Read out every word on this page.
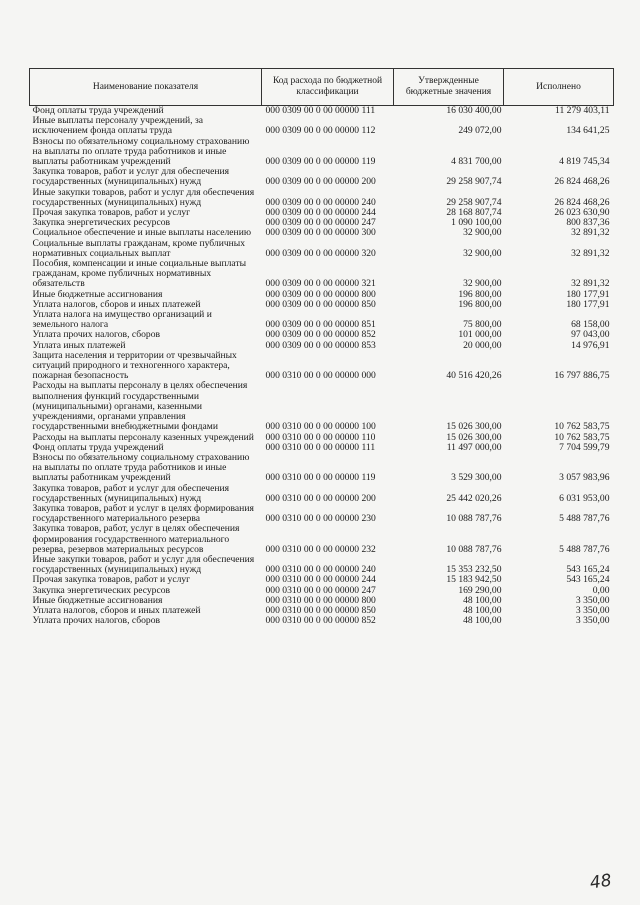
Наименование показателя	Код расхода по бюджетной классификации	Утвержденные бюджетные значения	Исполнено
Фонд оплаты труда учреждений	000 0309 00 0 00 00000 111	16 030 400,00	11 279 403,11
Иные выплаты персоналу учреждений, за исключением фонда оплаты труда	000 0309 00 0 00 00000 112	249 072,00	134 641,25
Взносы по обязательному социальному страхованию на выплаты по оплате труда работников и иные выплаты работникам учреждений	000 0309 00 0 00 00000 119	4 831 700,00	4 819 745,34
Закупка товаров, работ и услуг для обеспечения государственных (муниципальных) нужд	000 0309 00 0 00 00000 200	29 258 907,74	26 824 468,26
Иные закупки товаров, работ и услуг для обеспечения государственных (муниципальных) нужд	000 0309 00 0 00 00000 240	29 258 907,74	26 824 468,26
Прочая закупка товаров, работ и услуг	000 0309 00 0 00 00000 244	28 168 807,74	26 023 630,90
Закупка энергетических ресурсов	000 0309 00 0 00 00000 247	1 090 100,00	800 837,36
Социальное обеспечение и иные выплаты населению	000 0309 00 0 00 00000 300	32 900,00	32 891,32
Социальные выплаты гражданам, кроме публичных нормативных социальных выплат	000 0309 00 0 00 00000 320	32 900,00	32 891,32
Пособия, компенсации и иные социальные выплаты гражданам, кроме публичных нормативных обязательств	000 0309 00 0 00 00000 321	32 900,00	32 891,32
Иные бюджетные ассигнования	000 0309 00 0 00 00000 800	196 800,00	180 177,91
Уплата налогов, сборов и иных платежей	000 0309 00 0 00 00000 850	196 800,00	180 177,91
Уплата налога на имущество организаций и земельного налога	000 0309 00 0 00 00000 851	75 800,00	68 158,00
Уплата прочих налогов, сборов	000 0309 00 0 00 00000 852	101 000,00	97 043,00
Уплата иных платежей	000 0309 00 0 00 00000 853	20 000,00	14 976,91
Защита населения и территории от чрезвычайных ситуаций природного и техногенного характера, пожарная безопасность	000 0310 00 0 00 00000 000	40 516 420,26	16 797 886,75
Расходы на выплаты персоналу в целях обеспечения выполнения функций государственными (муниципальными) органами, казенными учреждениями, органами управления государственными внебюджетными фондами	000 0310 00 0 00 00000 100	15 026 300,00	10 762 583,75
Расходы на выплаты персоналу казенных учреждений	000 0310 00 0 00 00000 110	15 026 300,00	10 762 583,75
Фонд оплаты труда учреждений	000 0310 00 0 00 00000 111	11 497 000,00	7 704 599,79
Взносы по обязательному социальному страхованию на выплаты по оплате труда работников и иные выплаты работникам учреждений	000 0310 00 0 00 00000 119	3 529 300,00	3 057 983,96
Закупка товаров, работ и услуг для обеспечения государственных (муниципальных) нужд	000 0310 00 0 00 00000 200	25 442 020,26	6 031 953,00
Закупка товаров, работ и услуг в целях формирования государственного материального резерва	000 0310 00 0 00 00000 230	10 088 787,76	5 488 787,76
Закупка товаров, работ, услуг в целях обеспечения формирования государственного материального резерва, резервов материальных ресурсов	000 0310 00 0 00 00000 232	10 088 787,76	5 488 787,76
Иные закупки товаров, работ и услуг для обеспечения государственных (муниципальных) нужд	000 0310 00 0 00 00000 240	15 353 232,50	543 165,24
Прочая закупка товаров, работ и услуг	000 0310 00 0 00 00000 244	15 183 942,50	543 165,24
Закупка энергетических ресурсов	000 0310 00 0 00 00000 247	169 290,00	0,00
Иные бюджетные ассигнования	000 0310 00 0 00 00000 800	48 100,00	3 350,00
Уплата налогов, сборов и иных платежей	000 0310 00 0 00 00000 850	48 100,00	3 350,00
Уплата прочих налогов, сборов	000 0310 00 0 00 00000 852	48 100,00	3 350,00
48
